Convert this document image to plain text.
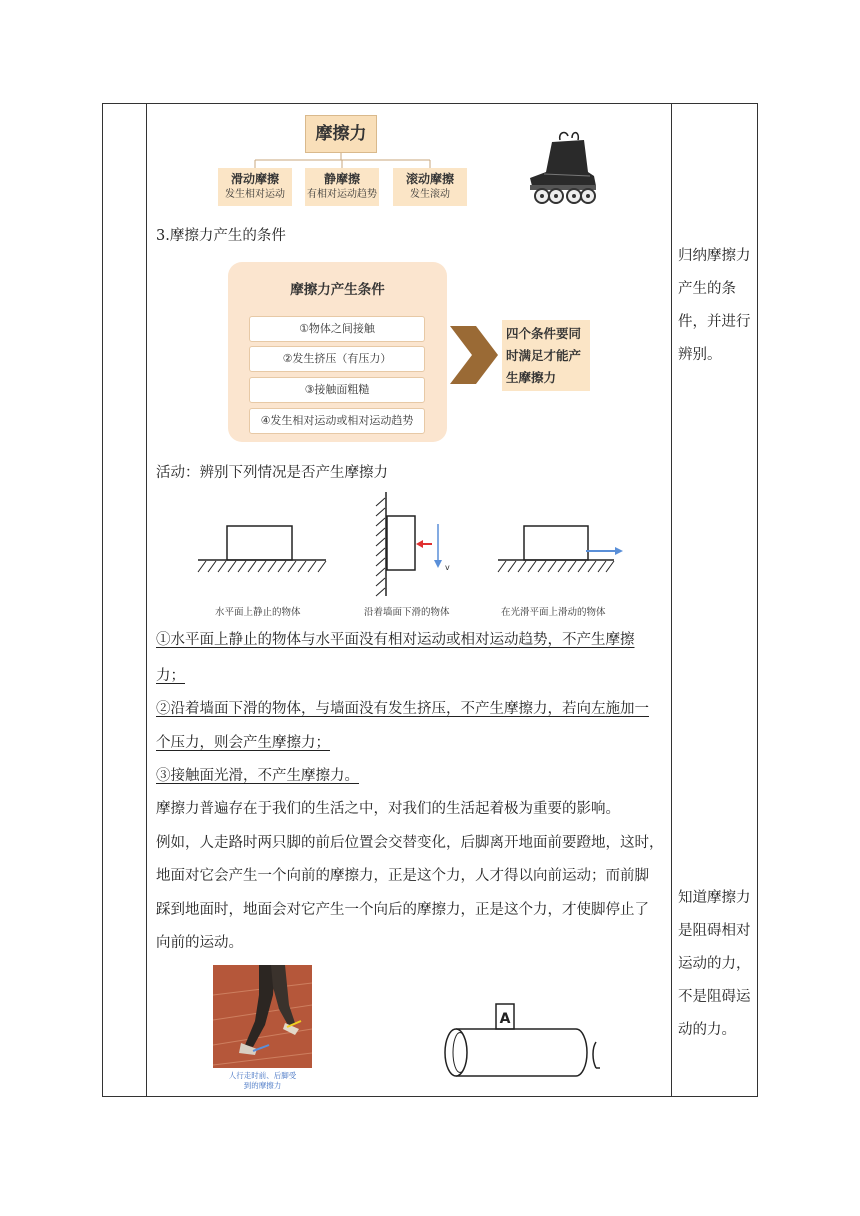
摩擦力
滑动摩擦
发生相对运动
静摩擦
有相对运动趋势
滚动摩擦
发生滚动
3.摩擦力产生的条件
摩擦力产生条件
①物体之间接触
②发生挤压（有压力）
③接触面粗糙
④发生相对运动或相对运动趋势
四个条件要同
时满足才能产
生摩擦力
活动：辨别下列情况是否产生摩擦力
v
水平面上静止的物体	沿着墙面下滑的物体	在光滑平面上滑动的物体
①水平面上静止的物体与水平面没有相对运动或相对运动趋势，不产生摩擦
力；
②沿着墙面下滑的物体，与墙面没有发生挤压，不产生摩擦力，若向左施加一
个压力，则会产生摩擦力；
③接触面光滑，不产生摩擦力。
摩擦力普遍存在于我们的生活之中，对我们的生活起着极为重要的影响。
例如，人走路时两只脚的前后位置会交替变化，后脚离开地面前要蹬地，这时，
地面对它会产生一个向前的摩擦力，正是这个力，人才得以向前运动；而前脚
踩到地面时，地面会对它产生一个向后的摩擦力，正是这个力，才使脚停止了
向前的运动。
人行走时前、后脚受
到的摩擦力
A
归纳摩擦力
产生的条
件，并进行
辨别。
知道摩擦力
是阻碍相对
运动的力，
不是阻碍运
动的力。
